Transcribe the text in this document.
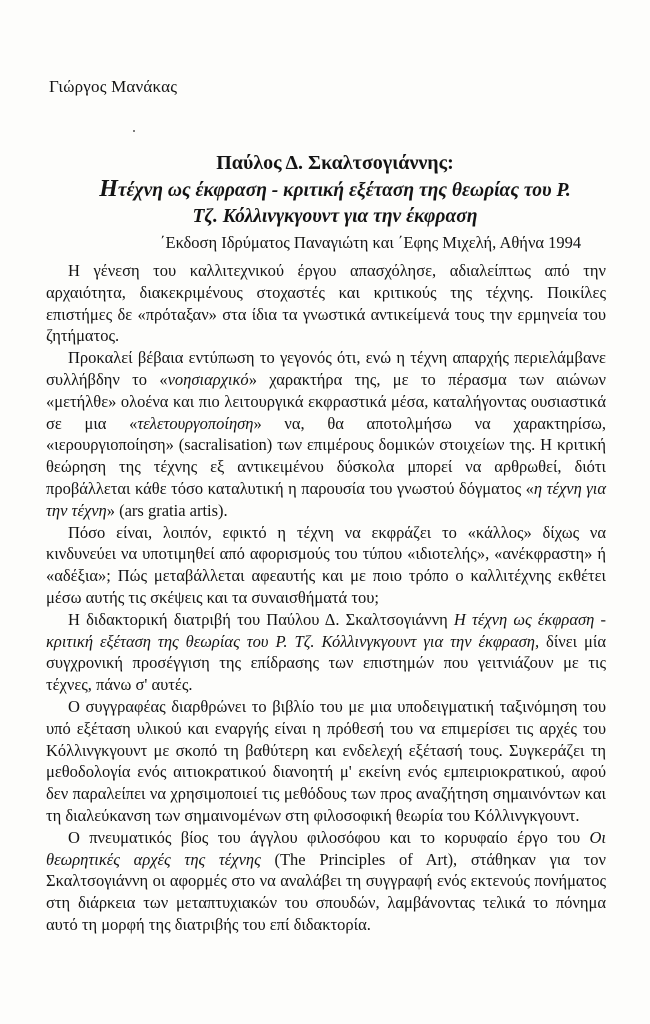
Γιώργος Μανάκας

Παύλος Δ. Σκαλτσογιάννης:

Ητέχνη ως έκφραση - κριτική εξέταση της θεωρίας του Ρ.
Τζ. Κόλλινγκγουντ για την έκφραση

΄Εκδοση Ιδρύματος Παναγιώτη και ΄Εφης Μιχελή, Αθήνα 1994

Η γένεση του καλλιτεχνικού έργου απασχόλησε, αδιαλείπτως από την αρχαιότητα, διακεκριμένους στοχαστές και κριτικούς της τέχνης. Ποικίλες επιστήμες δε «πρόταξαν» στα ίδια τα γνωστικά αντικείμενά τους την ερμηνεία του ζητήματος.

Προκαλεί βέβαια εντύπωση το γεγονός ότι, ενώ η τέχνη απαρχής περιελάμβανε συλλήβδην το «νοησιαρχικό» χαρακτήρα της, με το πέρασμα των αιώνων «μετήλθε» ολοένα και πιο λειτουργικά εκφραστικά μέσα, καταλήγοντας ουσιαστικά σε μια «τελετουργοποίηση» να, θα απoτολμήσω να χαρακτηρίσω, «ιερουργιοποίηση» (sacralisation) των επιμέρους δομικών στοιχείων της. Η κριτική θεώρηση της τέχνης εξ αντικειμένου δύσκολα μπορεί να αρθρωθεί, διότι προβάλλεται κάθε τόσο καταλυτική η παρουσία του γνωστού δόγματος «η τέχνη για την τέχνη» (ars gratia artis).

Πόσο είναι, λοιπόν, εφικτό η τέχνη να εκφράζει το «κάλλος» δίχως να κινδυνεύει να υποτιμηθεί από αφορισμούς του τύπου «ιδιοτελής», «ανέκφραστη» ή «αδέξια»; Πώς μεταβάλλεται αφεαυτής και με ποιο τρόπο ο καλλιτέχνης εκθέτει μέσω αυτής τις σκέψεις και τα συναισθήματά του;

Η διδακτορική διατριβή του Παύλου Δ. Σκαλτσογιάννη Η τέχνη ως έκφραση - κριτική εξέταση της θεωρίας του Ρ. Τζ. Κόλλινγκγουντ για την έκφραση, δίνει μία συγχρονική προσέγγιση της επίδρασης των επιστημών που γειτνιάζουν με τις τέχνες, πάνω σ' αυτές.

Ο συγγραφέας διαρθρώνει το βιβλίο του με μια υποδειγματική ταξινόμηση του υπό εξέταση υλικού και εναργής είναι η πρόθεσή του να επιμερίσει τις αρχές του Κόλλινγκγουντ με σκοπό τη βαθύτερη και ενδελεχή εξέτασή τους. Συγκεράζει τη μεθοδολογία ενός αιτιοκρατικού διανοητή μ' εκείνη ενός εμπειριοκρατικού, αφού δεν παραλείπει να χρησιμοποιεί τις μεθόδους των προς αναζήτηση σημαινόντων και τη διαλεύκανση των σημαινομένων στη φιλοσοφική θεωρία του Κόλλινγκγουντ.

Ο πνευματικός βίος του άγγλου φιλοσόφου και το κορυφαίο έργο του Οι θεωρητικές αρχές της τέχνης (The Principles of Art), στάθηκαν για τον Σκαλτσογιάννη οι αφορμές στο να αναλάβει τη συγγραφή ενός εκτενούς πονήματος στη διάρκεια των μεταπτυχιακών του σπουδών, λαμβάνοντας τελικά το πόνημα αυτό τη μορφή της διατριβής του επί διδακτορία.
